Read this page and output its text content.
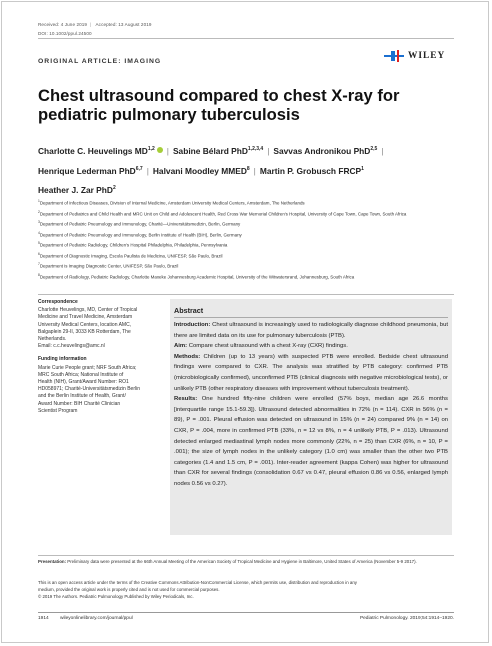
Received: 4 June 2019 | Accepted: 13 August 2019
DOI: 10.1002/ppul.24500
ORIGINAL ARTICLE: IMAGING
WILEY
Chest ultrasound compared to chest X-ray for pediatric pulmonary tuberculosis
Charlotte C. Heuvelings MD$^{1,2}$ | Sabine Bélard PhD$^{1,2,3,4}$ | Savvas Andronikou PhD$^{2,5}$ |
Henrique Lederman PhD$^{6,7}$ | Halvani Moodley MMED$^8$ | Martin P. Grobusch FRCP$^1$
Heather J. Zar PhD$^2$
$^1$Department of Infectious Diseases, Division of Internal Medicine, Amsterdam University Medical Centers, Amsterdam, The Netherlands
$^2$Department of Pediatrics and Child Health and MRC Unit on Child and Adolescent Health, Red Cross War Memorial Children's Hospital, University of Cape Town, Cape Town, South Africa
$^3$Department of Pediatric Pneumology and Immunology, Charité—Universitätsmedizin, Berlin, Germany
$^4$Department of Pediatric Pneumology and Immunology, Berlin Institute of Health (BIH), Berlin, Germany
$^5$Department of Pediatric Radiology, Children's Hospital Philadelphia, Philadelphia, Pennsylvania
$^6$Department of Diagnostic Imaging, Escola Paulista de Medicina, UNIFESP, São Paulo, Brazil
$^7$Department is Imaging Diagnostic Center, UNIFESP, São Paulo, Brazil
$^8$Department of Radiology, Pediatric Radiology, Charlotte Maxeke Johannesburg Academic Hospital, University of the Witwatersrand, Johannesburg, South Africa
Correspondence
Charlotte Heuvelings, MD, Center of Tropical
Medicine and Travel Medicine, Amsterdam
University Medical Centers, location AMC,
Balgaplein 29-II, 3033 KB Rotterdam, The
Netherlands.
Email: c.c.heuvelings@amc.nl
Funding information
Marie Curie People grant; NRF South Africa;
MRC South Africa; National Institute of
Health (NIH), Grant/Award Number: RO1
HD058971; Charité-Universitätsmedizin Berlin
and the Berlin Institute of Health, Grant/
Award Number: BIH Charité Clinician
Scientist Program
Abstract

Introduction: Chest ultrasound is increasingly used to radiologically diagnose childhood pneumonia, but there are limited data on its use for pulmonary tuberculosis (PTB).

Aim: Compare chest ultrasound with a chest X-ray (CXR) findings.

Methods: Children (up to 13 years) with suspected PTB were enrolled. Bedside chest ultrasound findings were compared to CXR. The analysis was stratified by PTB category: confirmed PTB (microbiologically confirmed), unconfirmed PTB (clinical diagnosis with negative microbiological tests), or unlikely PTB (other respiratory diseases with improvement without tuberculosis treatment).

Results: One hundred fifty-nine children were enrolled (57% boys, median age 26.6 months [interquartile range 15.1-59.3]). Ultrasound detected abnormalities in 72% (n = 114). CXR in 56% (n = 89), P = .001. Pleural effusion was detected on ultrasound in 15% (n = 24) compared 9% (n = 14) on CXR, P = .004, more in confirmed PTB (33%, n = 12 vs 8%, n = 4 unlikely PTB, P = .013). Ultrasound detected enlarged mediastinal lymph nodes more commonly (22%, n = 25) than CXR (6%, n = 10, P = .001); the size of lymph nodes in the unlikely category (1.0 cm) was smaller than the other two PTB categories (1.4 and 1.5 cm, P = .001). Inter-reader agreement (kappa Cohen) was higher for ultrasound than CXR for several findings (consolidation 0.67 vs 0.47, pleural effusion 0.86 vs 0.56, enlarged lymph nodes 0.56 vs 0.27).

Presentation: Preliminary data were presented at the 66th Annual Meeting of the American Society of Tropical Medicine and Hygiene in Baltimore, United States of America (November 5-9 2017).
This is an open access article under the terms of the Creative Commons Attribution-NonCommercial License, which permits use, distribution and reproduction in any
medium, provided the original work is properly cited and is not used for commercial purposes.
© 2019 The Authors. Pediatric Pulmonology Published by Wiley Periodicals, Inc.
1914 wileyonlinelibrary.com/journal/ppul	Pediatric Pulmonology. 2019;54:1914–1920.
